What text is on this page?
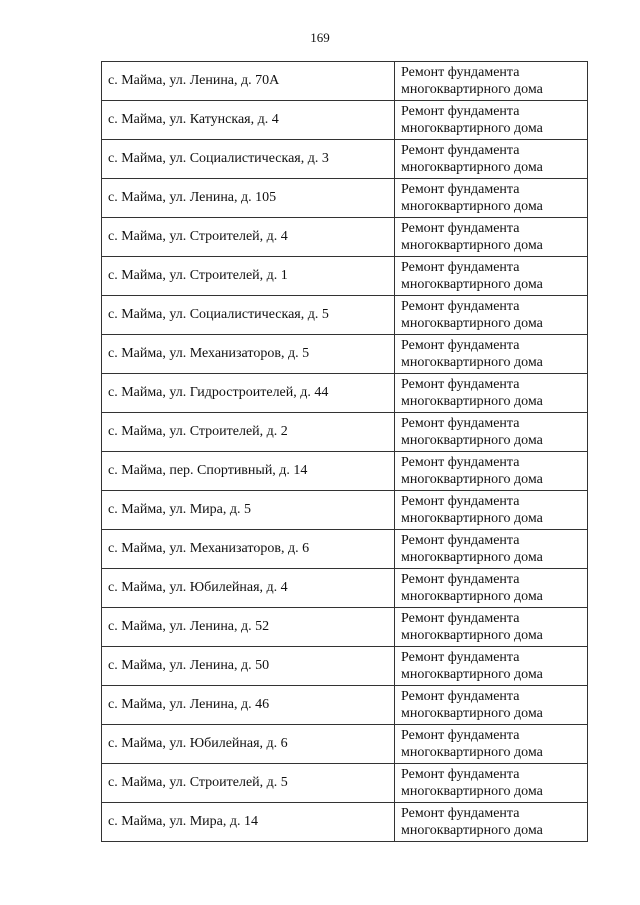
169
с. Майма, ул. Ленина, д. 70А	Ремонт фундамента
многоквартирного дома

с. Майма, ул. Катунская, д. 4	Ремонт фундамента
многоквартирного дома

с. Майма, ул. Социалистическая, д. 3	Ремонт фундамента
многоквартирного дома

с. Майма, ул. Ленина, д. 105	Ремонт фундамента
многоквартирного дома

с. Майма, ул. Строителей, д. 4	Ремонт фундамента
многоквартирного дома

с. Майма, ул. Строителей, д. 1	Ремонт фундамента
многоквартирного дома

с. Майма, ул. Социалистическая, д. 5	Ремонт фундамента
многоквартирного дома

с. Майма, ул. Механизаторов, д. 5	Ремонт фундамента
многоквартирного дома

с. Майма, ул. Гидростроителей, д. 44	Ремонт фундамента
многоквартирного дома

с. Майма, ул. Строителей, д. 2	Ремонт фундамента
многоквартирного дома

с. Майма, пер. Спортивный, д. 14	Ремонт фундамента
многоквартирного дома

с. Майма, ул. Мира, д. 5	Ремонт фундамента
многоквартирного дома

с. Майма, ул. Механизаторов, д. 6	Ремонт фундамента
многоквартирного дома

с. Майма, ул. Юбилейная, д. 4	Ремонт фундамента
многоквартирного дома

с. Майма, ул. Ленина, д. 52	Ремонт фундамента
многоквартирного дома

с. Майма, ул. Ленина, д. 50	Ремонт фундамента
многоквартирного дома

с. Майма, ул. Ленина, д. 46	Ремонт фундамента
многоквартирного дома

с. Майма, ул. Юбилейная, д. 6	Ремонт фундамента
многоквартирного дома

с. Майма, ул. Строителей, д. 5	Ремонт фундамента
многоквартирного дома

с. Майма, ул. Мира, д. 14	Ремонт фундамента
многоквартирного дома
